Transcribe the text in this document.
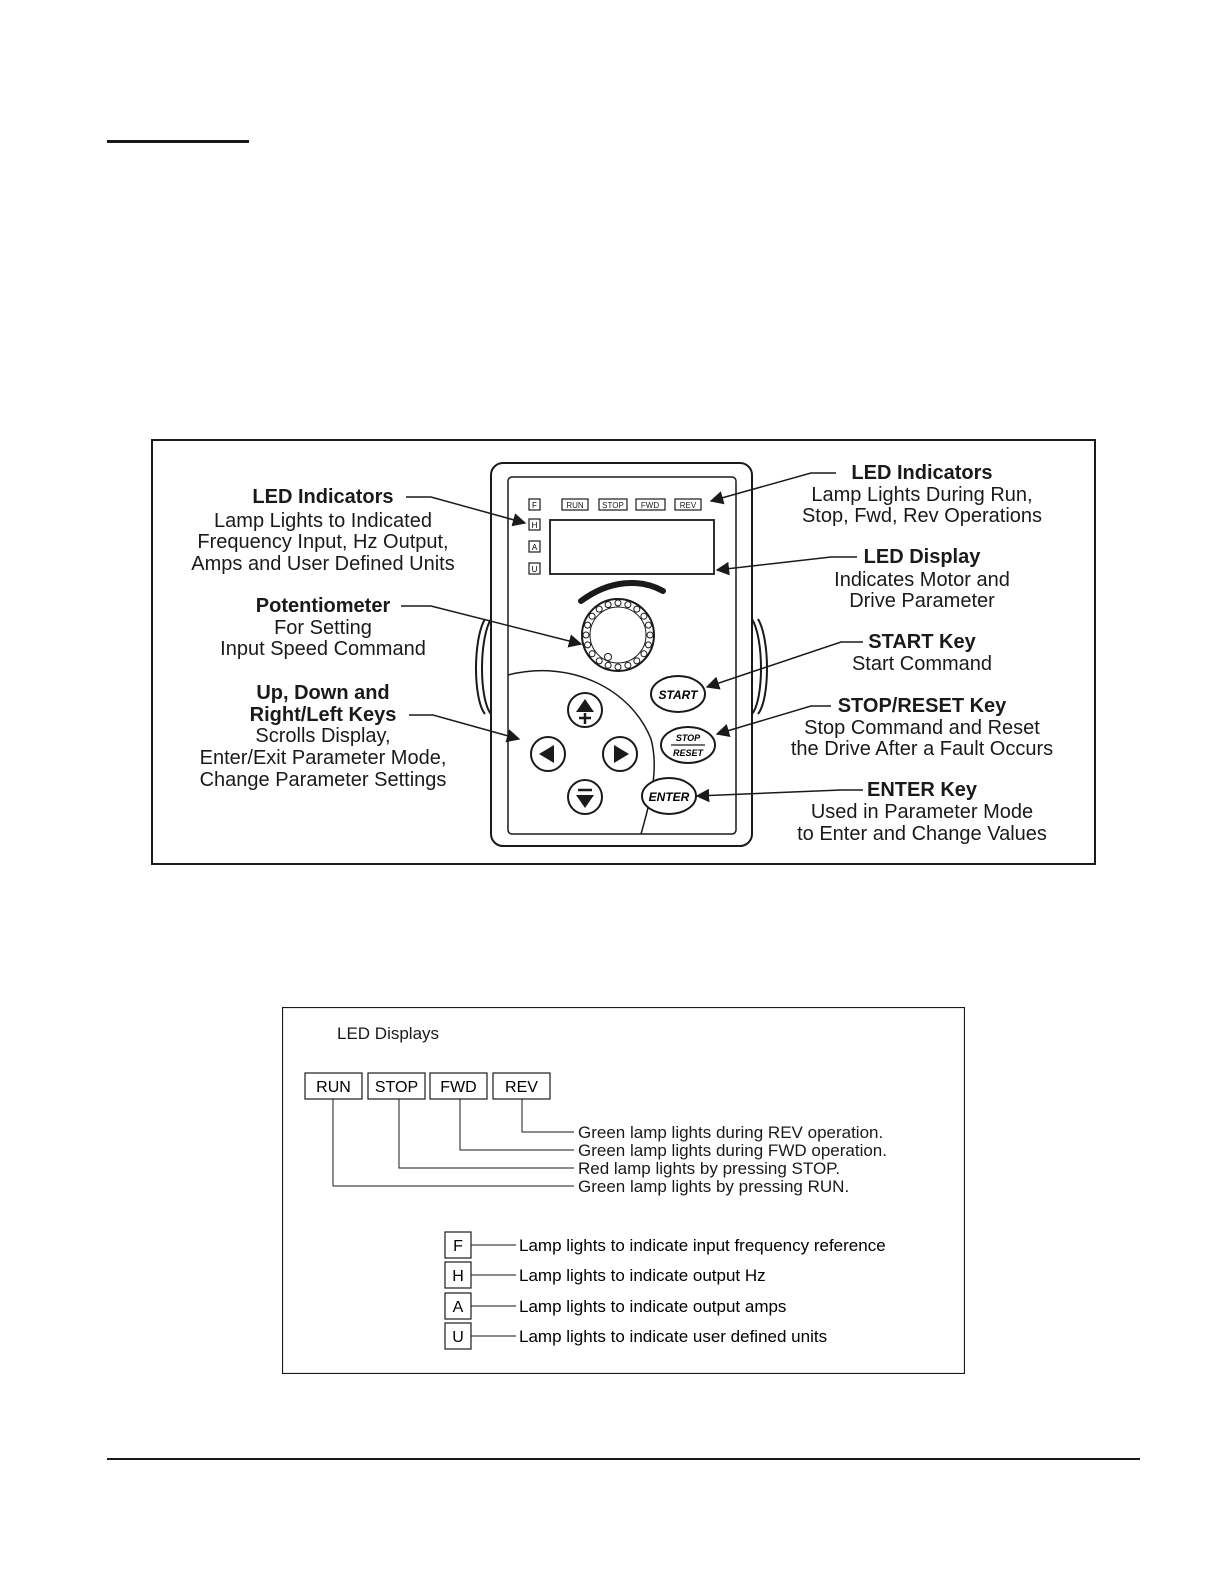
RUN STOP FWD	REV
F
H
A
U
START
STOP
RESET
ENTER
LED Indicators
Lamp Lights to Indicated
Frequency Input, Hz Output,
Amps and User Defined Units
Potentiometer
For Setting
Input Speed Command
Up, Down and
Right/Left Keys
Scrolls Display,
Enter/Exit Parameter Mode,
Change Parameter Settings
LED Indicators
Lamp Lights During Run,
Stop, Fwd, Rev Operations
LED Display
Indicates Motor and
Drive Parameter
START Key
Start Command
STOP/RESET Key
Stop Command and Reset
the Drive After a Fault Occurs
ENTER Key
Used in Parameter Mode
to Enter and Change Values
LED Displays
RUN STOP FWD REV
Green lamp lights during REV operation.
Green lamp lights during FWD operation.
Red lamp lights by pressing STOP.
Green lamp lights by pressing RUN.
F	Lamp lights to indicate input frequency reference
H	Lamp lights to indicate output Hz
A	Lamp lights to indicate output amps
U	Lamp lights to indicate user defined units
